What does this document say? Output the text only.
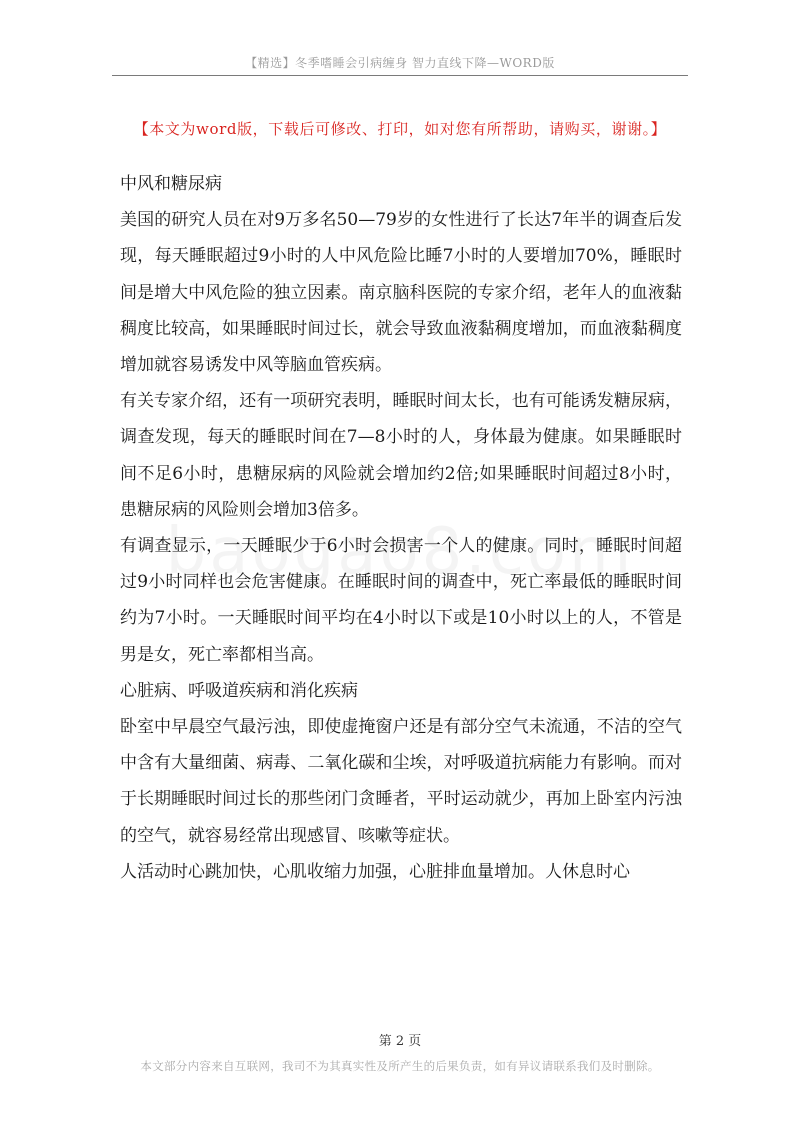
【精选】冬季嗜睡会引病缠身 智力直线下降—WORD版
【本文为word版，下载后可修改、打印，如对您有所帮助，请购买，谢谢。】

中风和糖尿病

美国的研究人员在对9万多名50—79岁的女性进行了长达7年半的调查后发现，每天睡眠超过9小时的人中风危险比睡7小时的人要增加70%，睡眠时间是增大中风危险的独立因素。南京脑科医院的专家介绍，老年人的血液黏稠度比较高，如果睡眠时间过长，就会导致血液黏稠度增加，而血液黏稠度增加就容易诱发中风等脑血管疾病。

有关专家介绍，还有一项研究表明，睡眠时间太长，也有可能诱发糖尿病，调查发现，每天的睡眠时间在7—8小时的人，身体最为健康。如果睡眠时间不足6小时，患糖尿病的风险就会增加约2倍;如果睡眠时间超过8小时，患糖尿病的风险则会增加3倍多。

有调查显示，一天睡眠少于6小时会损害一个人的健康。同时，睡眠时间超过9小时同样也会危害健康。在睡眠时间的调查中，死亡率最低的睡眠时间约为7小时。一天睡眠时间平均在4小时以下或是10小时以上的人，不管是男是女，死亡率都相当高。

心脏病、呼吸道疾病和消化疾病

卧室中早晨空气最污浊，即使虚掩窗户还是有部分空气未流通，不洁的空气中含有大量细菌、病毒、二氧化碳和尘埃，对呼吸道抗病能力有影响。而对于长期睡眠时间过长的那些闭门贪睡者，平时运动就少，再加上卧室内污浊的空气，就容易经常出现感冒、咳嗽等症状。

人活动时心跳加快，心肌收缩力加强，心脏排血量增加。人休息时心

第 2 页
本文部分内容来自互联网，我司不为其真实性及所产生的后果负责，如有异议请联系我们及时删除。
